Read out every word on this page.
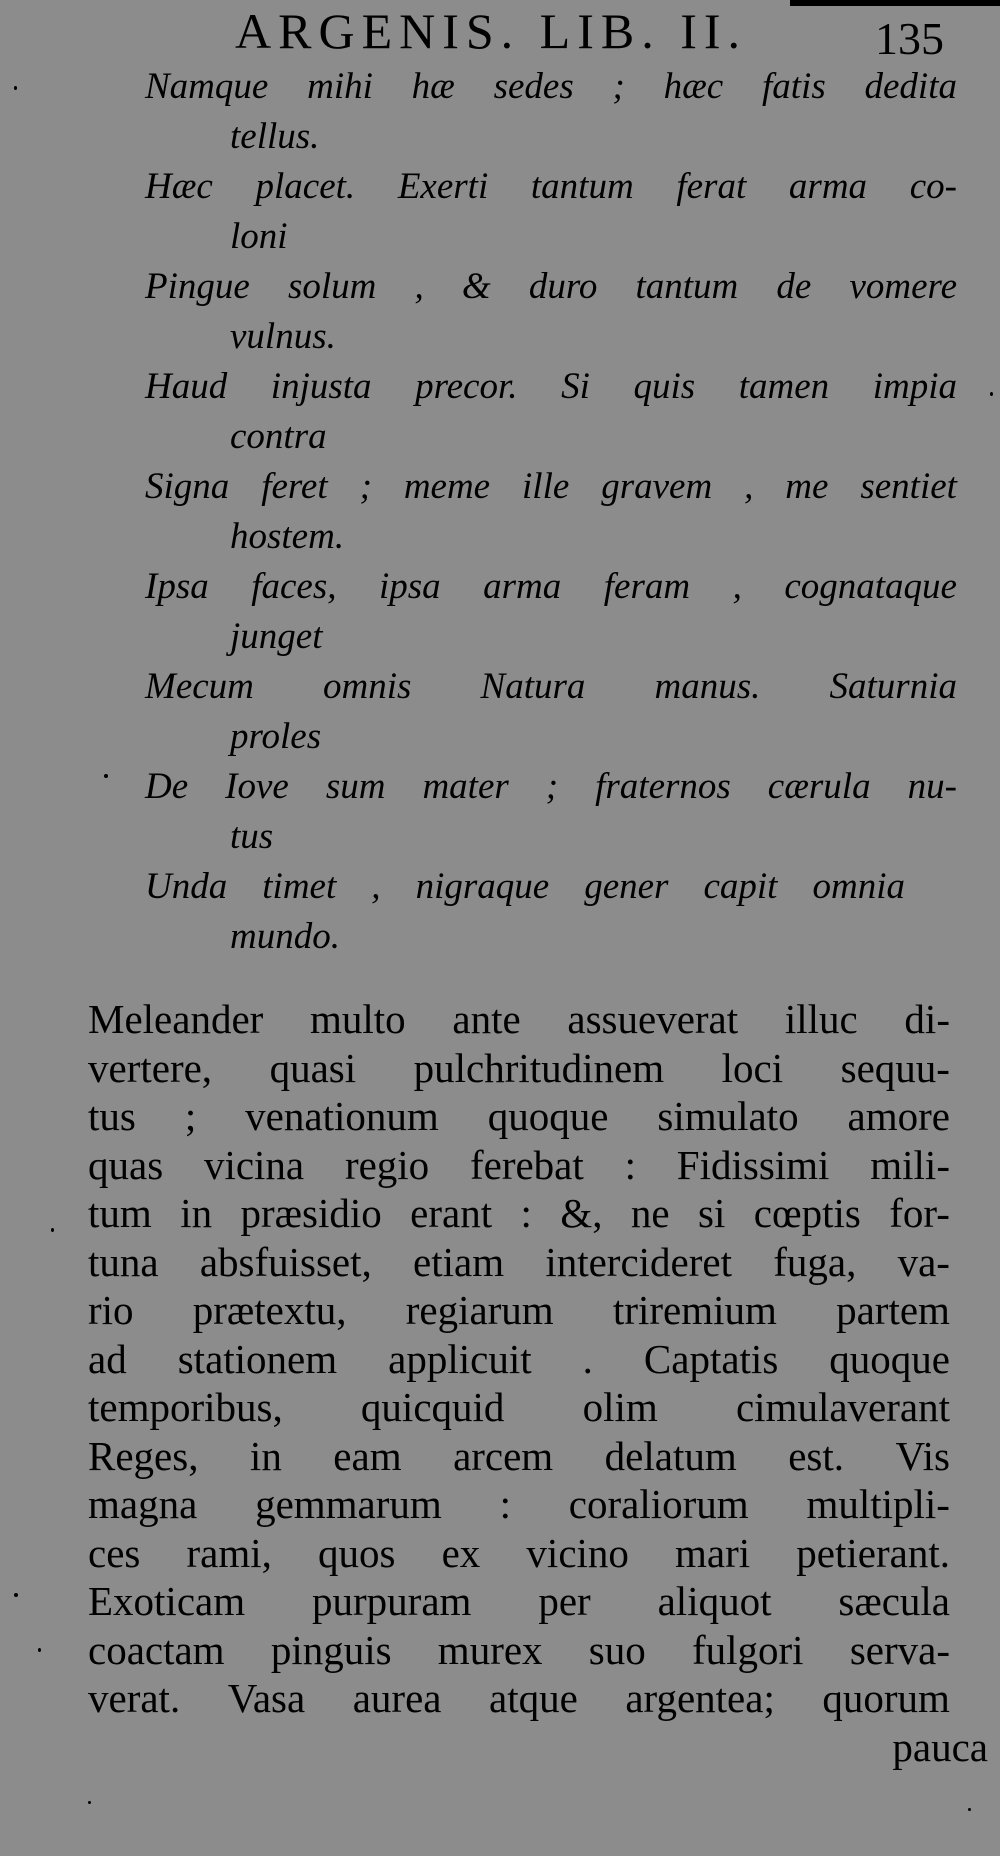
ARGENIS. LIB. II.	135
Namque mihi hæ sedes ; hæc fatis dedita
tellus.
Hæc placet. Exerti tantum ferat arma co-
loni
Pingue solum , & duro tantum de vomere
vulnus.
Haud injusta precor. Si quis tamen impia
contra
Signa feret ; meme ille gravem , me sentiet
hostem.
Ipsa faces, ipsa arma feram , cognataque
junget
Mecum omnis Natura manus. Saturnia
proles
De Iove sum mater ; fraternos cærula nu-
tus
Unda timet , nigraque gener capit omnia
mundo.
Meleander multo ante assueverat illuc di-
vertere, quasi pulchritudinem loci sequu-
tus ; venationum quoque simulato amore
quas vicina regio ferebat : Fidissimi mili-
tum in præsidio erant : &, ne si cœptis for-
tuna absfuisset, etiam intercideret fuga, va-
rio prætextu, regiarum triremium partem
ad stationem applicuit . Captatis quoque
temporibus, quicquid olim cimulaverant
Reges, in eam arcem delatum est. Vis
magna gemmarum : coraliorum multipli-
ces rami, quos ex vicino mari petierant.
Exoticam purpuram per aliquot sæcula
coactam pinguis murex suo fulgori serva-
verat. Vasa aurea atque argentea; quorum
pauca
